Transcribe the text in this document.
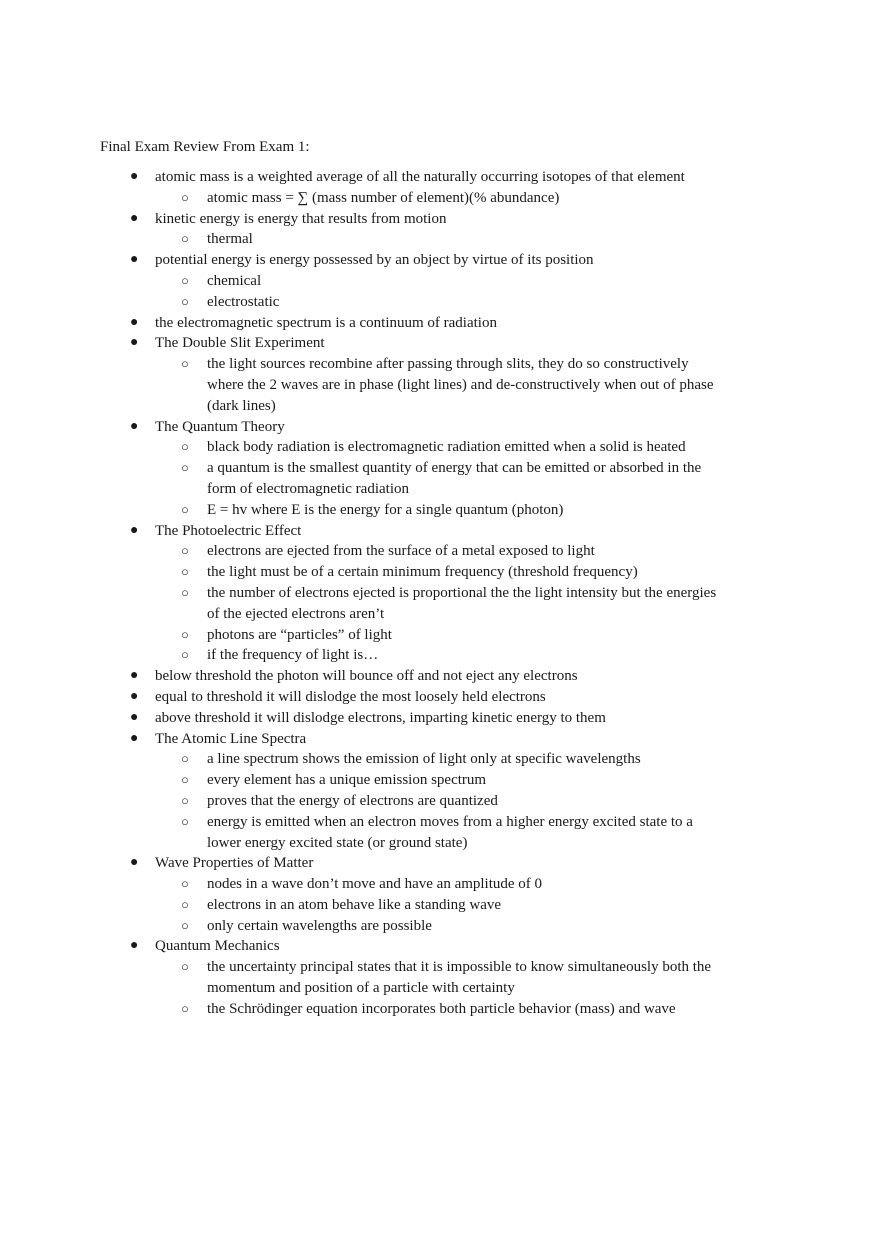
Final Exam Review From Exam 1:
● atomic mass is a weighted average of all the naturally occurring isotopes of that element
○ atomic mass = ∑ (mass number of element)(% abundance)
● kinetic energy is energy that results from motion
○ thermal
● potential energy is energy possessed by an object by virtue of its position
○ chemical
○ electrostatic
● the electromagnetic spectrum is a continuum of radiation
● The Double Slit Experiment
○ the light sources recombine after passing through slits, they do so constructively where the 2 waves are in phase (light lines) and de-constructively when out of phase (dark lines)
● The Quantum Theory
○ black body radiation is electromagnetic radiation emitted when a solid is heated
○ a quantum is the smallest quantity of energy that can be emitted or absorbed in the form of electromagnetic radiation
○ E = hv where E is the energy for a single quantum (photon)
● The Photoelectric Effect
○ electrons are ejected from the surface of a metal exposed to light
○ the light must be of a certain minimum frequency (threshold frequency)
○ the number of electrons ejected is proportional the the light intensity but the energies of the ejected electrons aren’t
○ photons are “particles” of light
○ if the frequency of light is…
● below threshold the photon will bounce off and not eject any electrons
● equal to threshold it will dislodge the most loosely held electrons
● above threshold it will dislodge electrons, imparting kinetic energy to them
● The Atomic Line Spectra
○ a line spectrum shows the emission of light only at specific wavelengths
○ every element has a unique emission spectrum
○ proves that the energy of electrons are quantized
○ energy is emitted when an electron moves from a higher energy excited state to a lower energy excited state (or ground state)
● Wave Properties of Matter
○ nodes in a wave don’t move and have an amplitude of 0
○ electrons in an atom behave like a standing wave
○ only certain wavelengths are possible
● Quantum Mechanics
○ the uncertainty principal states that it is impossible to know simultaneously both the momentum and position of a particle with certainty
○ the Schrödinger equation incorporates both particle behavior (mass) and wave
